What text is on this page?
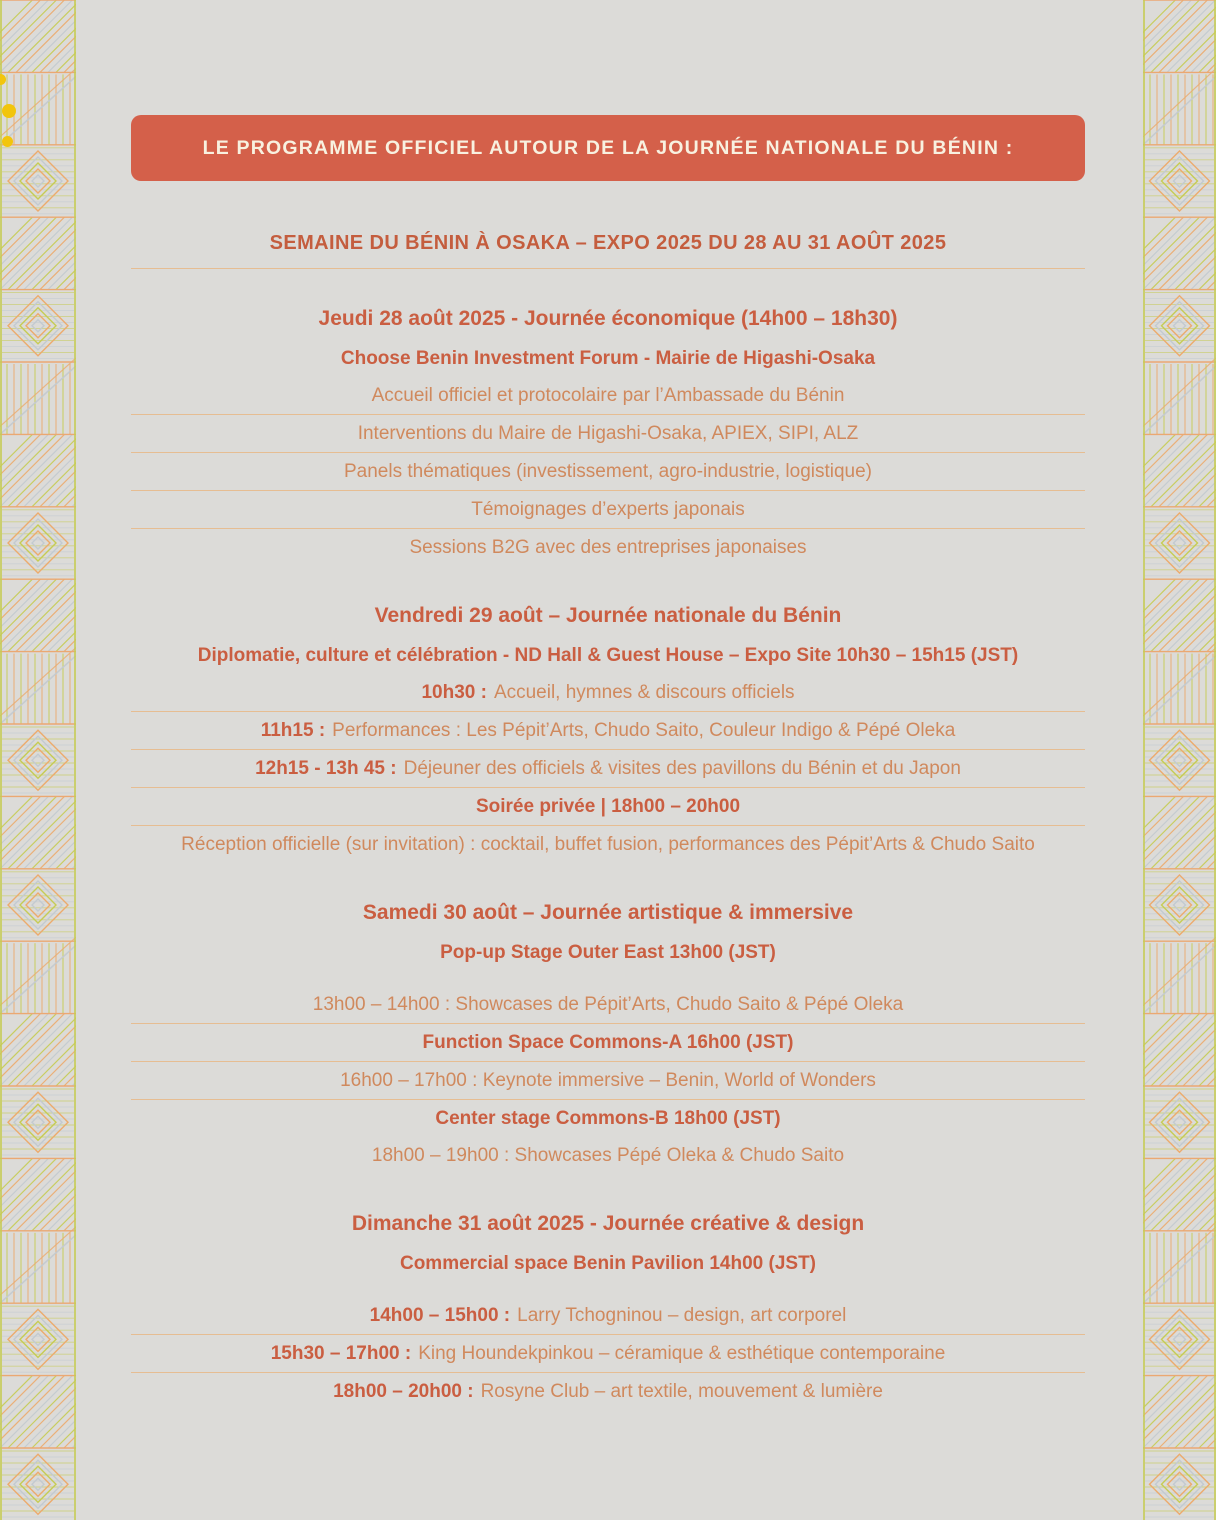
LE PROGRAMME OFFICIEL AUTOUR DE LA JOURNÉE NATIONALE DU BÉNIN :
SEMAINE DU BÉNIN À OSAKA – EXPO 2025 DU 28 AU 31 AOÛT 2025
Jeudi 28 août 2025 - Journée économique (14h00 – 18h30)
Choose Benin Investment Forum - Mairie de Higashi-Osaka
Accueil officiel et protocolaire par l’Ambassade du Bénin
Interventions du Maire de Higashi-Osaka, APIEX, SIPI, ALZ
Panels thématiques (investissement, agro-industrie, logistique)
Témoignages d’experts japonais
Sessions B2G avec des entreprises japonaises
Vendredi 29 août – Journée nationale du Bénin
Diplomatie, culture et célébration - ND Hall & Guest House – Expo Site 10h30 – 15h15 (JST)
10h30 : Accueil, hymnes & discours officiels
11h15 : Performances : Les Pépit’Arts, Chudo Saito, Couleur Indigo & Pépé Oleka
12h15 - 13h 45 : Déjeuner des officiels & visites des pavillons du Bénin et du Japon
Soirée privée | 18h00 – 20h00
Réception officielle (sur invitation) : cocktail, buffet fusion, performances des Pépit’Arts & Chudo Saito
Samedi 30 août – Journée artistique & immersive
Pop-up Stage Outer East 13h00 (JST)
13h00 – 14h00 : Showcases de Pépit’Arts, Chudo Saito & Pépé Oleka
Function Space Commons-A 16h00 (JST)
16h00 – 17h00 : Keynote immersive – Benin, World of Wonders
Center stage Commons-B 18h00 (JST)
18h00 – 19h00 : Showcases Pépé Oleka & Chudo Saito
Dimanche 31 août 2025 - Journée créative & design
Commercial space Benin Pavilion 14h00 (JST)
14h00 – 15h00 : Larry Tchogninou – design, art corporel
15h30 – 17h00 : King Houndekpinkou – céramique & esthétique contemporaine
18h00 – 20h00 : Rosyne Club – art textile, mouvement & lumière
